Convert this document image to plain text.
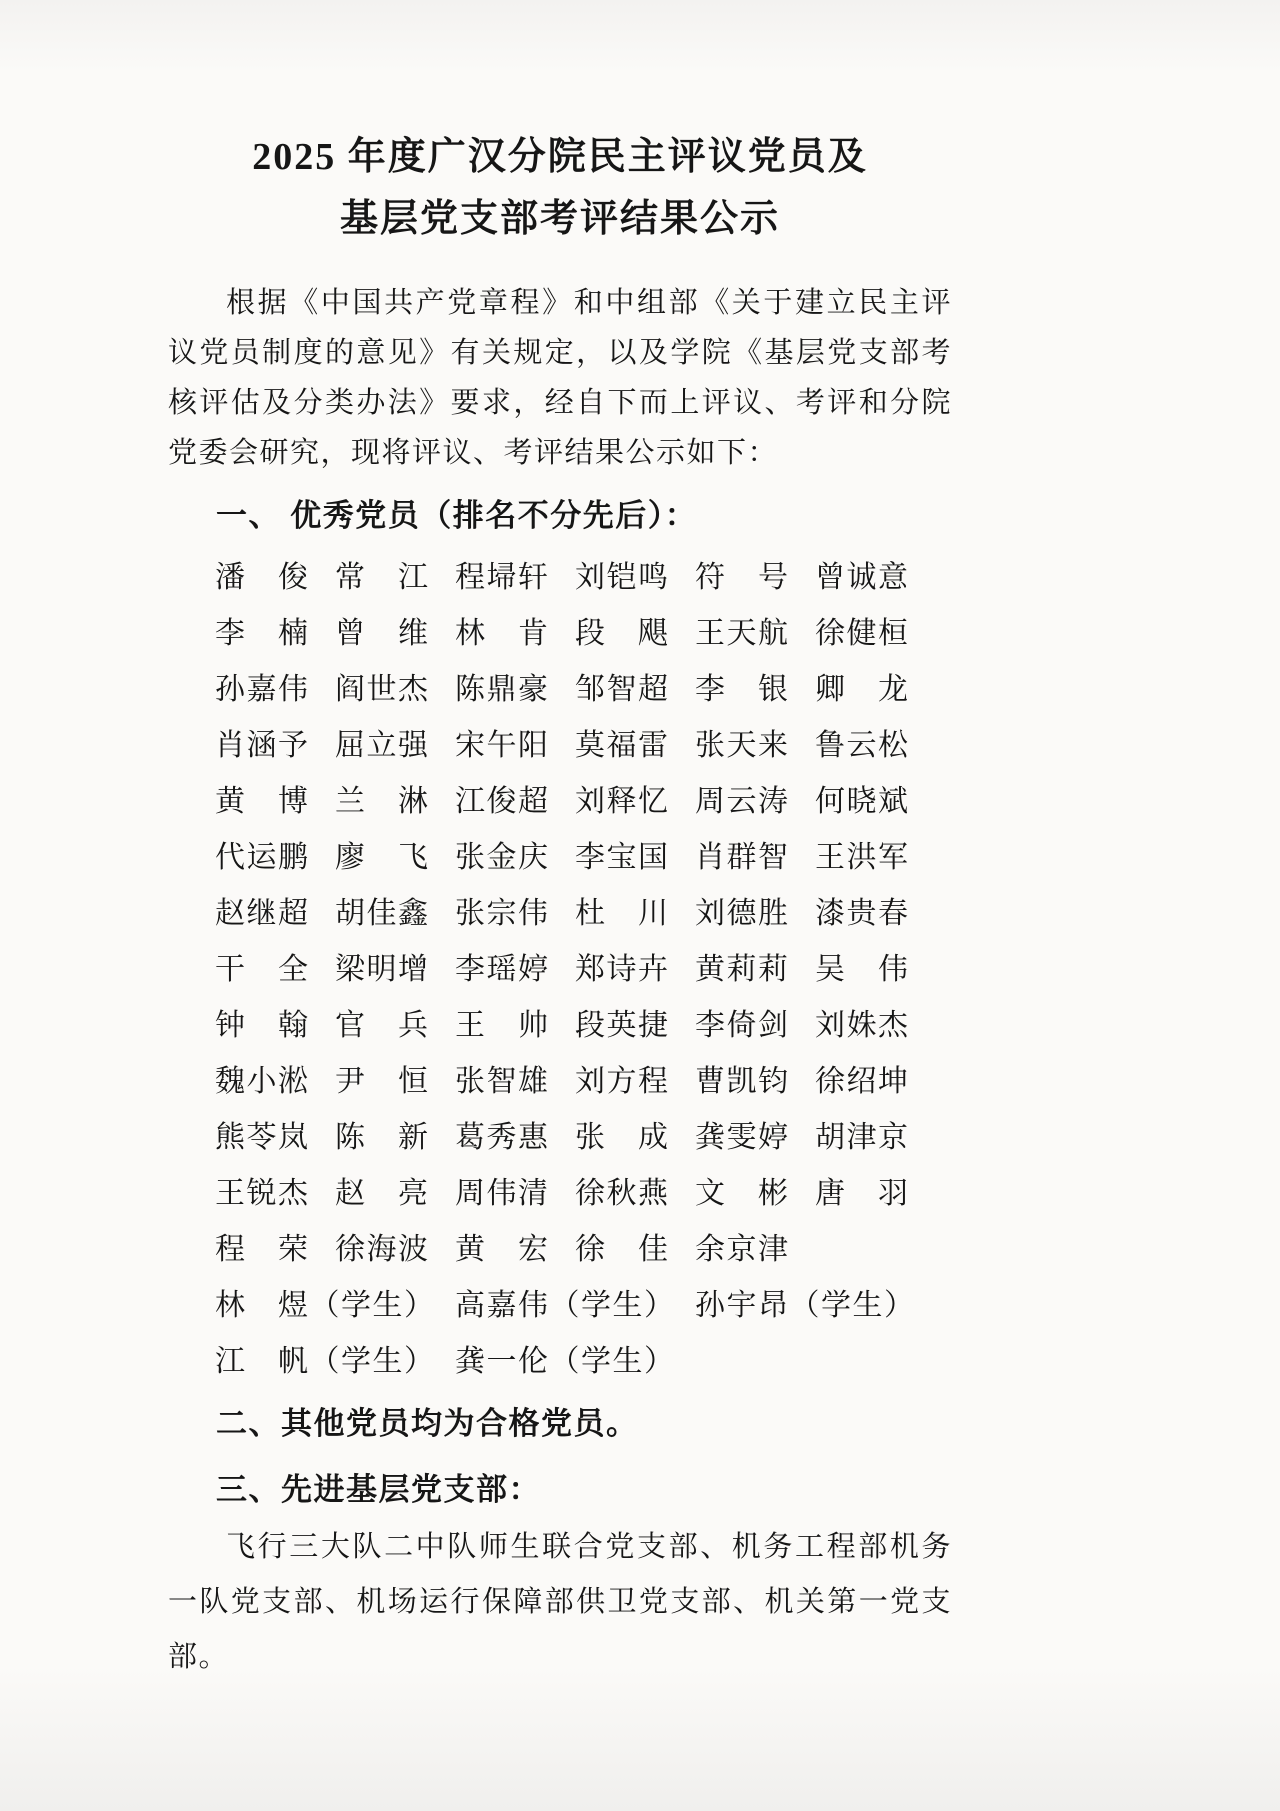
2025 年度广汉分院民主评议党员及
基层党支部考评结果公示
根据《中国共产党章程》和中组部《关于建立民主评议党员制度的意见》有关规定，以及学院《基层党支部考核评估及分类办法》要求，经自下而上评议、考评和分院党委会研究，现将评议、考评结果公示如下：
一、 优秀党员（排名不分先后）：
潘　俊 常　江 程埽轩 刘铠鸣 符　号 曾诚意
李　楠 曾　维 林　肯 段　飓 王天航 徐健桓
孙嘉伟 阎世杰 陈鼎豪 邹智超 李　银 卿　龙
肖涵予 屈立强 宋午阳 莫福雷 张天来 鲁云松
黄　博 兰　淋 江俊超 刘释忆 周云涛 何晓斌
代运鹏 廖　飞 张金庆 李宝国 肖群智 王洪军
赵继超 胡佳鑫 张宗伟 杜　川 刘德胜 漆贵春
干　全 梁明增 李瑶婷 郑诗卉 黄莉莉 吴　伟
钟　翰 官　兵 王　帅 段英捷 李倚剑 刘姝杰
魏小淞 尹　恒 张智雄 刘方程 曹凯钧 徐绍坤
熊苓岚 陈　新 葛秀惠 张　成 龚雯婷 胡津京
王锐杰 赵　亮 周伟清 徐秋燕 文　彬 唐　羽
程　荣 徐海波 黄　宏 徐　佳 余京津
林　煜（学生） 高嘉伟（学生） 孙宇昂（学生）
江　帆（学生） 龚一伦（学生）
二、其他党员均为合格党员。
三、先进基层党支部：
飞行三大队二中队师生联合党支部、机务工程部机务一队党支部、机场运行保障部供卫党支部、机关第一党支部。
